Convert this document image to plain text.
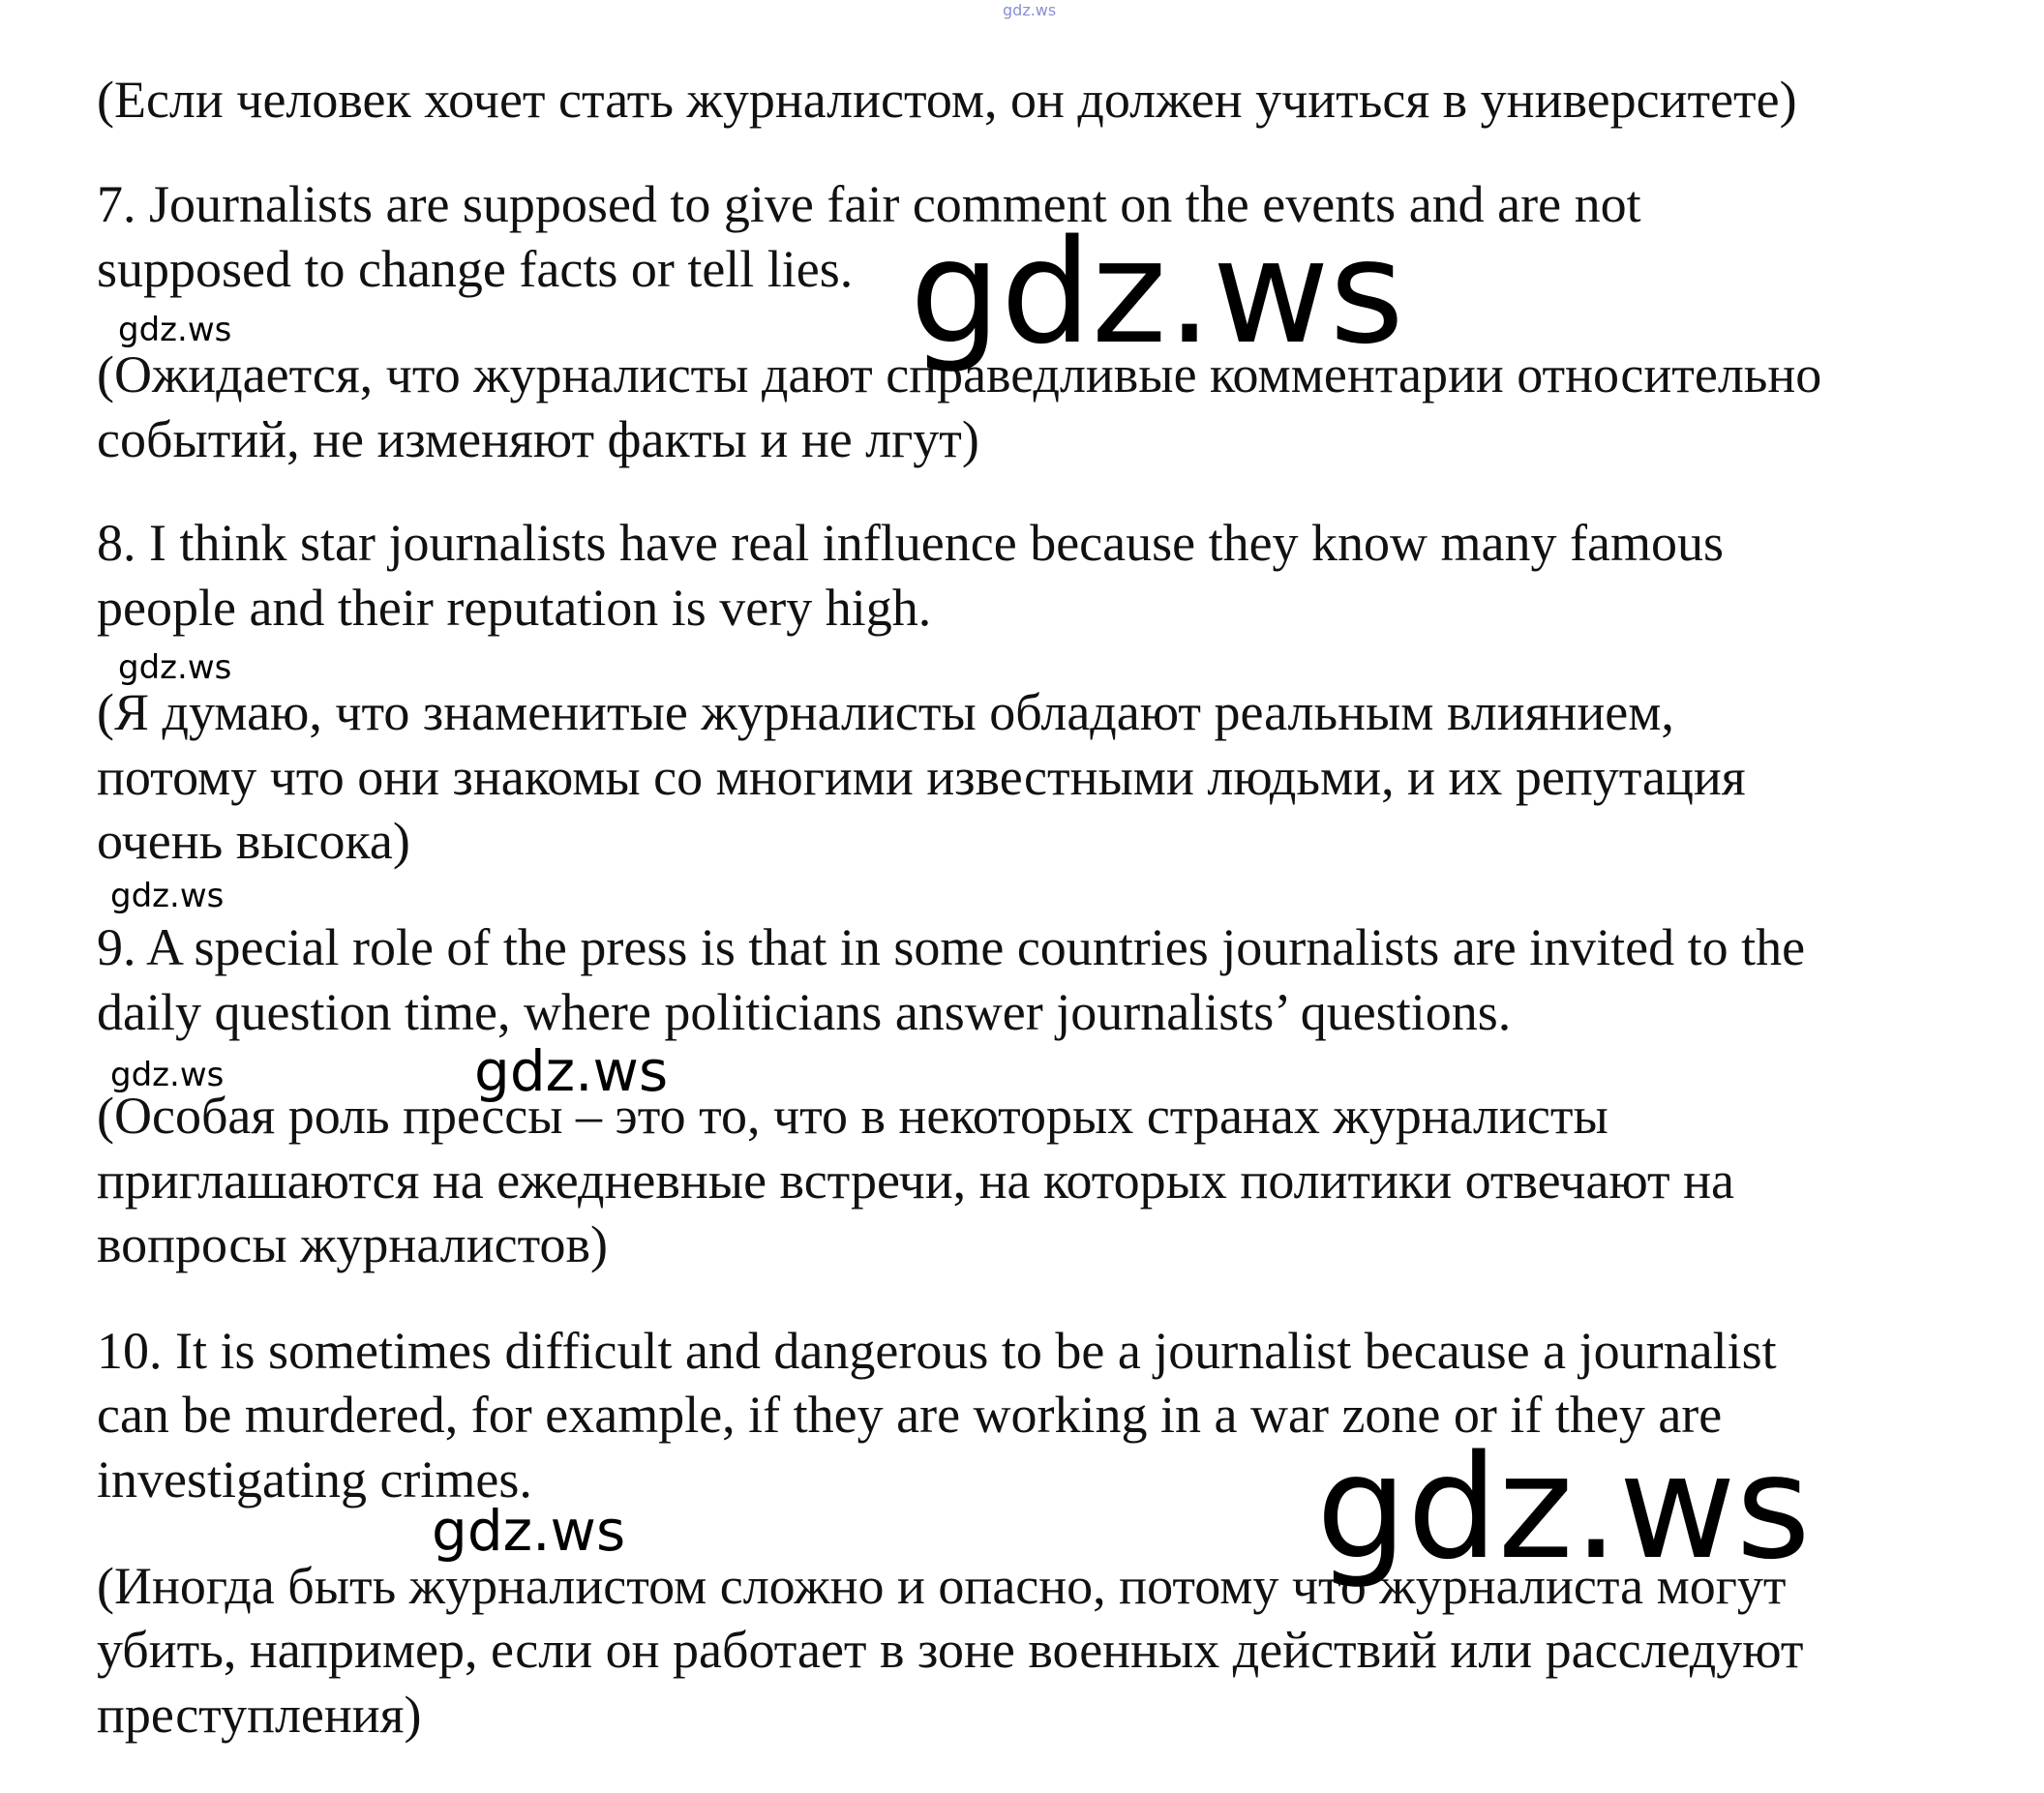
gdz.ws
(Если человек хочет стать журналистом, он должен учиться в университете)
7. Journalists are supposed to give fair comment on the events and are not
supposed to change facts or tell lies.
(Ожидается, что журналисты дают справедливые комментарии относительно
событий, не изменяют факты и не лгут)
8. I think star journalists have real influence because they know many famous
people and their reputation is very high.
(Я думаю, что знаменитые журналисты обладают реальным влиянием,
потому что они знакомы со многими известными людьми, и их репутация
очень высока)
9. A special role of the press is that in some countries journalists are invited to the
daily question time, where politicians answer journalists’ questions.
(Особая роль прессы – это то, что в некоторых странах журналисты
приглашаются на ежедневные встречи, на которых политики отвечают на
вопросы журналистов)
10. It is sometimes difficult and dangerous to be a journalist because a journalist
can be murdered, for example, if they are working in a war zone or if they are
investigating crimes.
(Иногда быть журналистом сложно и опасно, потому что журналиста могут
убить, например, если он работает в зоне военных действий или расследуют
преступления)
gdz.ws
gdz.ws
gdz.ws
gdz.ws
gdz.ws	gdz.ws
gdz.ws
gdz.ws
